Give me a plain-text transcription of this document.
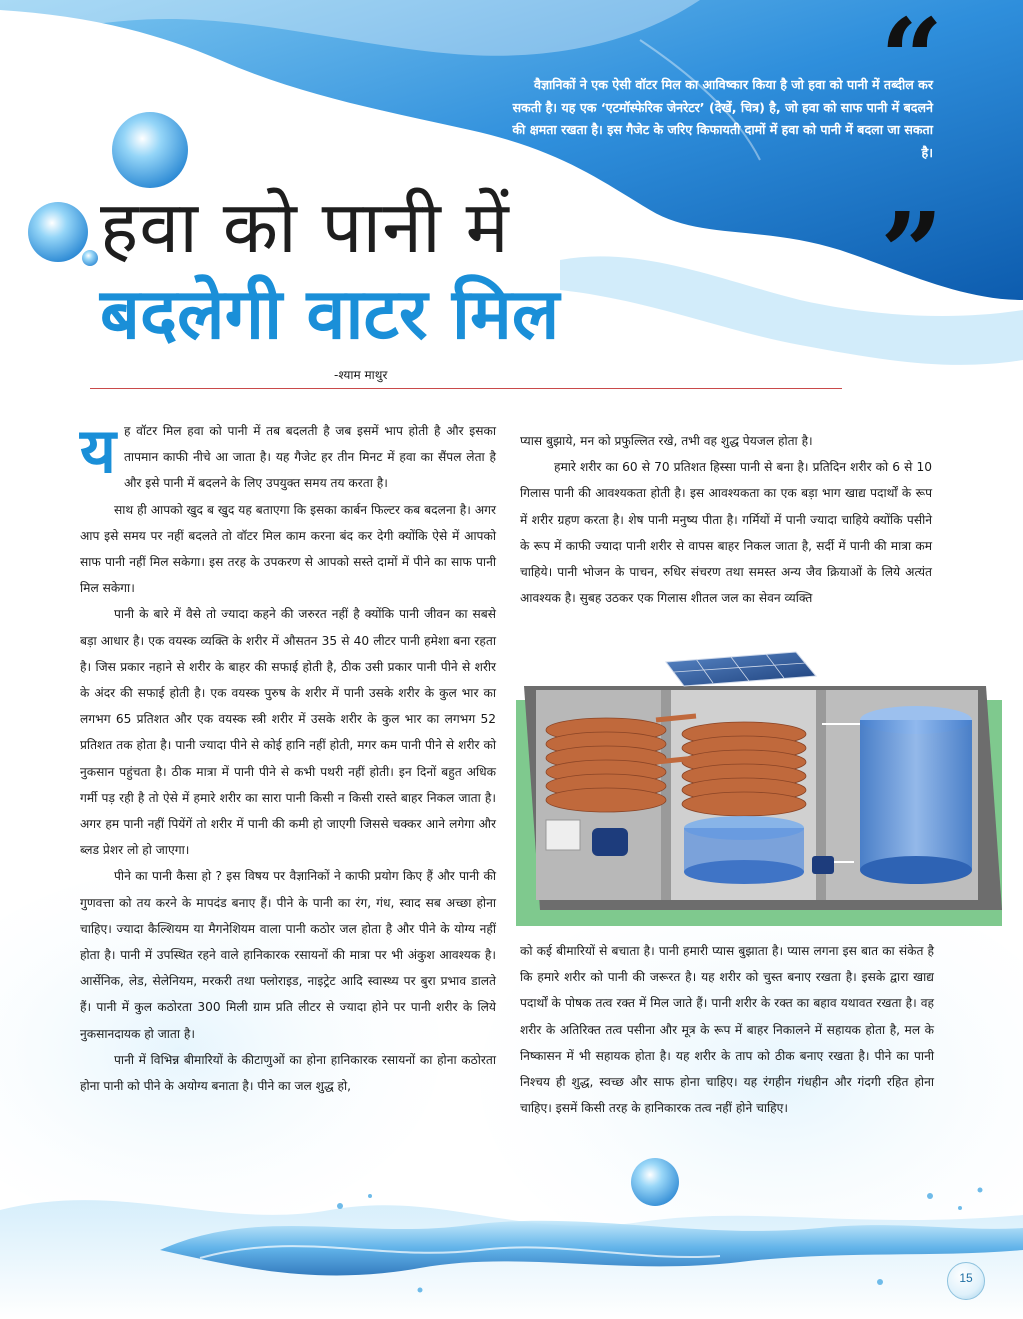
“
वैज्ञानिकों ने एक ऐसी वॉटर मिल का आविष्कार किया है जो हवा को पानी में तब्दील कर सकती है। यह एक ‘एटमॉस्फेरिक जेनरेटर’ (देखें, चित्र) है, जो हवा को साफ पानी में बदलने की क्षमता रखता है। इस गैजेट के जरिए किफायती दामों में हवा को पानी में बदला जा सकता है।
”
हवा को पानी में
बदलेगी वाटर मिल
-श्याम माथुर

यह वॉटर मिल हवा को पानी में तब बदलती है जब इसमें भाप होती है और इसका तापमान काफी नीचे आ जाता है। यह गैजेट हर तीन मिनट में हवा का सैंपल लेता है और इसे पानी में बदलने के लिए उपयुक्त समय तय करता है।

साथ ही आपको खुद ब खुद यह बताएगा कि इसका कार्बन फिल्टर कब बदलना है। अगर आप इसे समय पर नहीं बदलते तो वॉटर मिल काम करना बंद कर देगी क्योंकि ऐसे में आपको साफ पानी नहीं मिल सकेगा। इस तरह के उपकरण से आपको सस्ते दामों में पीने का साफ पानी मिल सकेगा।

पानी के बारे में वैसे तो ज्यादा कहने की जरुरत नहीं है क्योंकि पानी जीवन का सबसे बड़ा आधार है। एक वयस्क व्यक्ति के शरीर में औसतन 35 से 40 लीटर पानी हमेशा बना रहता है। जिस प्रकार नहाने से शरीर के बाहर की सफाई होती है, ठीक उसी प्रकार पानी पीने से शरीर के अंदर की सफाई होती है। एक वयस्क पुरुष के शरीर में पानी उसके शरीर के कुल भार का लगभग 65 प्रतिशत और एक वयस्क स्त्री शरीर में उसके शरीर के कुल भार का लगभग 52 प्रतिशत तक होता है। पानी ज्यादा पीने से कोई हानि नहीं होती, मगर कम पानी पीने से शरीर को नुकसान पहुंचता है। ठीक मात्रा में पानी पीने से कभी पथरी नहीं होती। इन दिनों बहुत अधिक गर्मी पड़ रही है तो ऐसे में हमारे शरीर का सारा पानी किसी न किसी रास्ते बाहर निकल जाता है। अगर हम पानी नहीं पियेंगें तो शरीर में पानी की कमी हो जाएगी जिससे चक्कर आने लगेगा और ब्लड प्रेशर लो हो जाएगा।

पीने का पानी कैसा हो ? इस विषय पर वैज्ञानिकों ने काफी प्रयोग किए हैं और पानी की गुणवत्ता को तय करने के मापदंड बनाए हैं। पीने के पानी का रंग, गंध, स्वाद सब अच्छा होना चाहिए। ज्यादा कैल्शियम या मैगनेशियम वाला पानी कठोर जल होता है और पीने के योग्य नहीं होता है। पानी में उपस्थित रहने वाले हानिकारक रसायनों की मात्रा पर भी अंकुश आवश्यक है। आर्सेनिक, लेड, सेलेनियम, मरकरी तथा फ्लोराइड, नाइट्रेट आदि स्वास्थ्य पर बुरा प्रभाव डालते हैं। पानी में कुल कठोरता 300 मिली ग्राम प्रति लीटर से ज्यादा होने पर पानी शरीर के लिये नुकसानदायक हो जाता है।

पानी में विभिन्न बीमारियों के कीटाणुओं का होना हानिकारक रसायनों का होना कठोरता होना पानी को पीने के अयोग्य बनाता है। पीने का जल शुद्ध हो,

प्यास बुझाये, मन को प्रफुल्लित रखे, तभी वह शुद्ध पेयजल होता है।

हमारे शरीर का 60 से 70 प्रतिशत हिस्सा पानी से बना है। प्रतिदिन शरीर को 6 से 10 गिलास पानी की आवश्यकता होती है। इस आवश्यकता का एक बड़ा भाग खाद्य पदार्थों के रूप में शरीर ग्रहण करता है। शेष पानी मनुष्य पीता है। गर्मियों में पानी ज्यादा चाहिये क्योंकि पसीने के रूप में काफी ज्यादा पानी शरीर से वापस बाहर निकल जाता है, सर्दी में पानी की मात्रा कम चाहिये। पानी भोजन के पाचन, रुधिर संचरण तथा समस्त अन्य जैव क्रियाओं के लिये अत्यंत आवश्यक है। सुबह उठकर एक गिलास शीतल जल का सेवन व्यक्ति

को कई बीमारियों से बचाता है। पानी हमारी प्यास बुझाता है। प्यास लगना इस बात का संकेत है कि हमारे शरीर को पानी की जरूरत है। यह शरीर को चुस्त बनाए रखता है। इसके द्वारा खाद्य पदार्थों के पोषक तत्व रक्त में मिल जाते हैं। पानी शरीर के रक्त का बहाव यथावत रखता है। वह शरीर के अतिरिक्त तत्व पसीना और मूत्र के रूप में बाहर निकालने में सहायक होता है, मल के निष्कासन में भी सहायक होता है। यह शरीर के ताप को ठीक बनाए रखता है। पीने का पानी निश्चय ही शुद्ध, स्वच्छ और साफ होना चाहिए। यह रंगहीन गंधहीन और गंदगी रहित होना चाहिए। इसमें किसी तरह के हानिकारक तत्व नहीं होने चाहिए।

15
